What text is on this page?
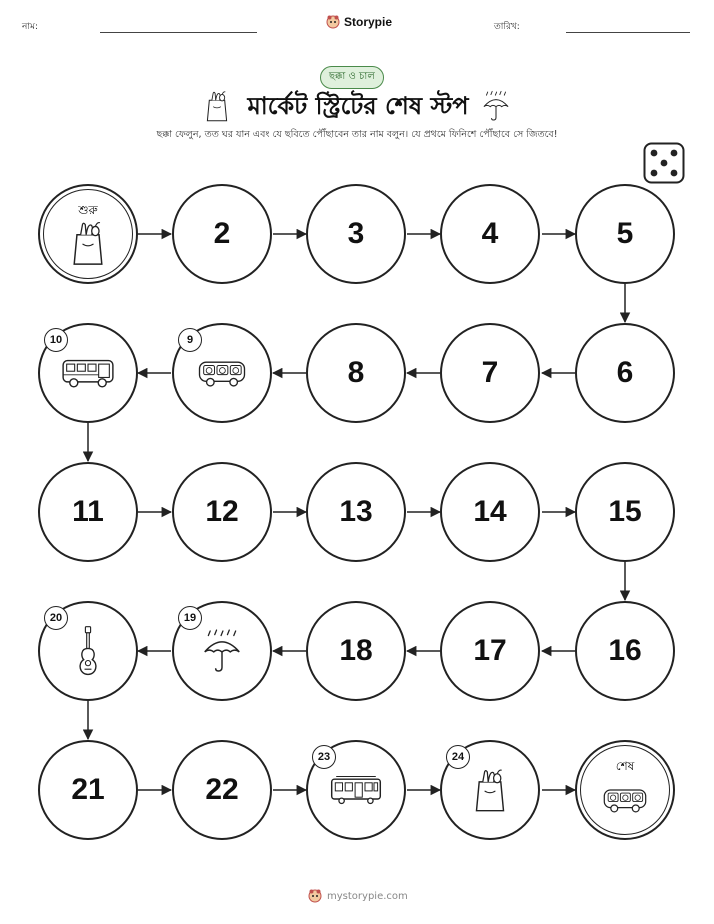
নাম:	Storypie	তারিখ:
ছক্কা ও চাল
মার্কেট স্ট্রিটের শেষ স্টপ
ছক্কা ফেলুন, তত ঘর যান এবং যে ছবিতে পৌঁছাবেন তার নাম বলুন। যে প্রথমে ফিনিশে পৌঁছাবে সে জিতবে!
শুরু
2	3	4	5
10	9
8	7	6
11	12	13	14	15
20	19
18	17	16
21	22
23	24
শেষ
mystorypie.com
